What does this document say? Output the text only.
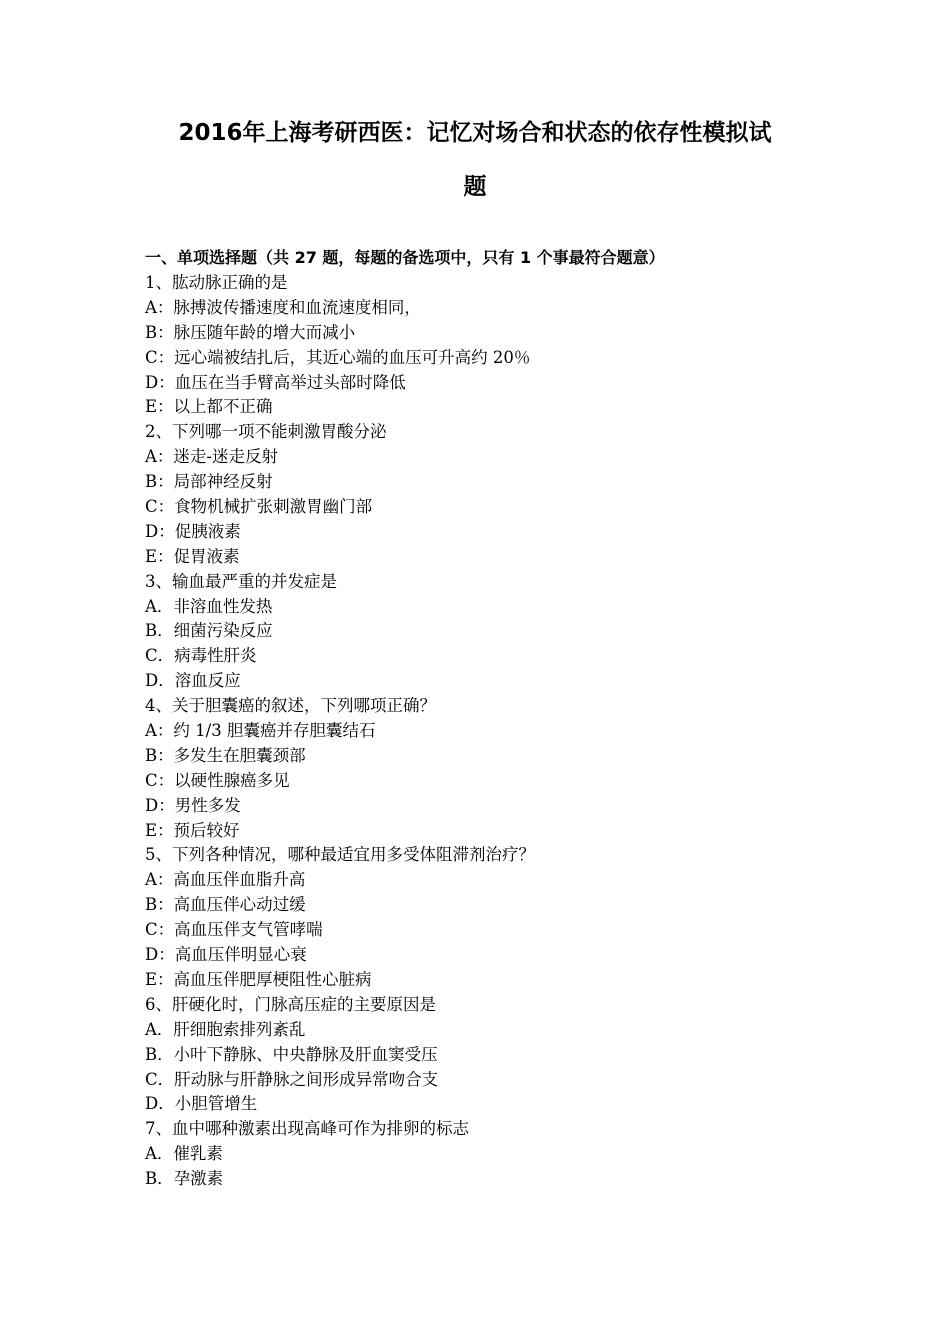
2016年上海考研西医：记忆对场合和状态的依存性模拟试
题
一、单项选择题（共 27 题，每题的备选项中，只有 1 个事最符合题意）
1、肱动脉正确的是
A：脉搏波传播速度和血流速度相同，
B：脉压随年龄的增大而减小
C：远心端被结扎后，其近心端的血压可升高约 20％
D：血压在当手臂高举过头部时降低
E：以上都不正确
2、下列哪一项不能刺激胃酸分泌
A：迷走-迷走反射
B：局部神经反射
C：食物机械扩张刺激胃幽门部
D：促胰液素
E：促胃液素
3、输血最严重的并发症是
A．非溶血性发热
B．细菌污染反应
C．病毒性肝炎
D．溶血反应
4、关于胆囊癌的叙述，下列哪项正确？
A：约 1/3 胆囊癌并存胆囊结石
B：多发生在胆囊颈部
C：以硬性腺癌多见
D：男性多发
E：预后较好
5、下列各种情况，哪种最适宜用多受体阻滞剂治疗？
A：高血压伴血脂升高
B：高血压伴心动过缓
C：高血压伴支气管哮喘
D：高血压伴明显心衰
E：高血压伴肥厚梗阻性心脏病
6、肝硬化时，门脉高压症的主要原因是
A．肝细胞索排列紊乱
B．小叶下静脉、中央静脉及肝血窦受压
C．肝动脉与肝静脉之间形成异常吻合支
D．小胆管增生
7、血中哪种激素出现高峰可作为排卵的标志
A．催乳素
B．孕激素
